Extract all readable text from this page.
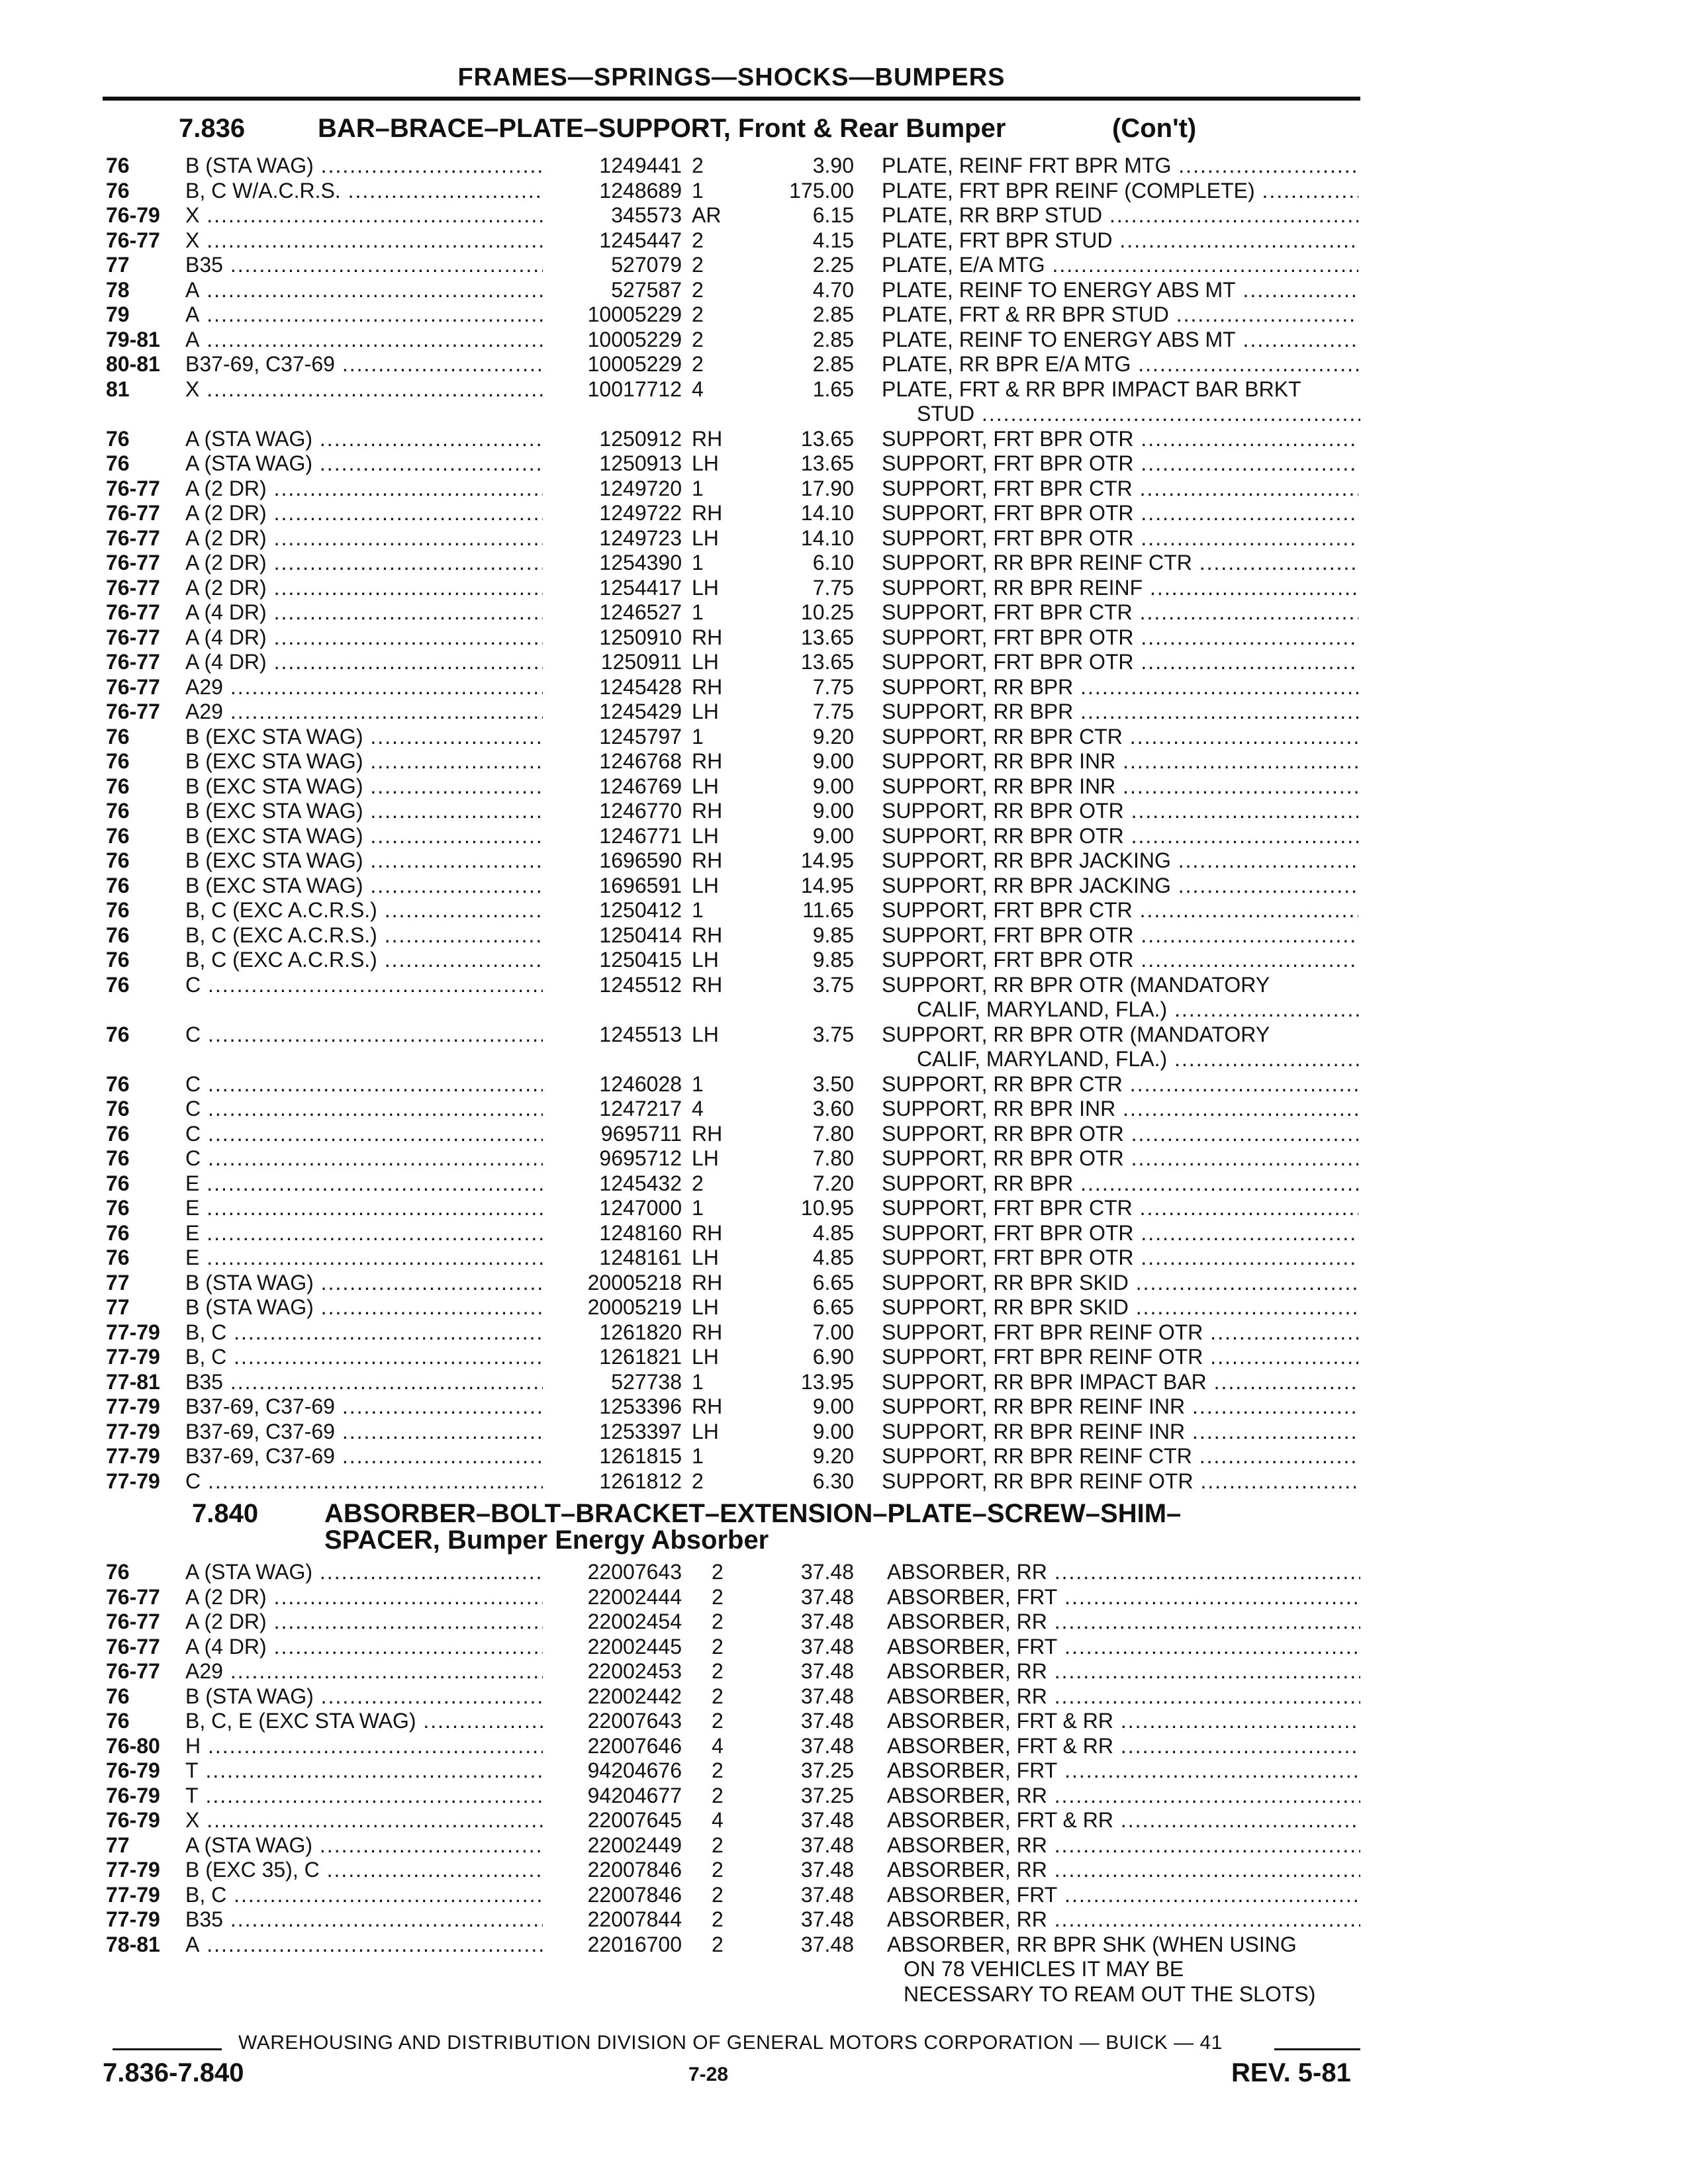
FRAMES—SPRINGS—SHOCKS—BUMPERS
7.836	BAR–BRACE–PLATE–SUPPORT, Front & Rear Bumper	(Con't)
76	B (STA WAG) .....	1249441 2	3.90 PLATE, REINF FRT BPR MTG .....
76	B, C W/A.C.R.S. .....	1248689 1	175.00 PLATE, FRT BPR REINF (COMPLETE) .....
76-79 X .....	345573 AR	6.15 PLATE, RR BRP STUD .....
76-77 X .....	1245447 2	4.15 PLATE, FRT BPR STUD .....
77	B35 .....	527079 2	2.25 PLATE, E/A MTG .....
78	A .....	527587 2	4.70 PLATE, REINF TO ENERGY ABS MT .....
79	A .....	10005229 2	2.85 PLATE, FRT & RR BPR STUD .....
79-81 A .....	10005229 2	2.85 PLATE, REINF TO ENERGY ABS MT .....
80-81 B37-69, C37-69 .....	10005229 2	2.85 PLATE, RR BPR E/A MTG .....
81	X .....	10017712 4	1.65 PLATE, FRT & RR BPR IMPACT BAR BRKT
STUD .....
76	A (STA WAG) .....	1250912 RH	13.65 SUPPORT, FRT BPR OTR .....
76	A (STA WAG) .....	1250913 LH	13.65 SUPPORT, FRT BPR OTR .....
76-77 A (2 DR) .....	1249720 1	17.90 SUPPORT, FRT BPR CTR .....
76-77 A (2 DR) .....	1249722 RH	14.10 SUPPORT, FRT BPR OTR .....
76-77 A (2 DR) .....	1249723 LH	14.10 SUPPORT, FRT BPR OTR .....
76-77 A (2 DR) .....	1254390 1	6.10 SUPPORT, RR BPR REINF CTR .....
76-77 A (2 DR) .....	1254417 LH	7.75 SUPPORT, RR BPR REINF .....
76-77 A (4 DR) .....	1246527 1	10.25 SUPPORT, FRT BPR CTR .....
76-77 A (4 DR) .....	1250910 RH	13.65 SUPPORT, FRT BPR OTR .....
76-77 A (4 DR) .....	1250911 LH	13.65 SUPPORT, FRT BPR OTR .....
76-77 A29 .....	1245428 RH	7.75 SUPPORT, RR BPR .....
76-77 A29 .....	1245429 LH	7.75 SUPPORT, RR BPR .....
76	B (EXC STA WAG) .....	1245797 1	9.20 SUPPORT, RR BPR CTR .....
76	B (EXC STA WAG) .....	1246768 RH	9.00 SUPPORT, RR BPR INR .....
76	B (EXC STA WAG) .....	1246769 LH	9.00 SUPPORT, RR BPR INR .....
76	B (EXC STA WAG) .....	1246770 RH	9.00 SUPPORT, RR BPR OTR .....
76	B (EXC STA WAG) .....	1246771 LH	9.00 SUPPORT, RR BPR OTR .....
76	B (EXC STA WAG) .....	1696590 RH	14.95 SUPPORT, RR BPR JACKING .....
76	B (EXC STA WAG) .....	1696591 LH	14.95 SUPPORT, RR BPR JACKING .....
76	B, C (EXC A.C.R.S.) .....	1250412 1	11.65 SUPPORT, FRT BPR CTR .....
76	B, C (EXC A.C.R.S.) .....	1250414 RH	9.85 SUPPORT, FRT BPR OTR .....
76	B, C (EXC A.C.R.S.) .....	1250415 LH	9.85 SUPPORT, FRT BPR OTR .....
76	C .....	1245512 RH	3.75 SUPPORT, RR BPR OTR (MANDATORY
CALIF, MARYLAND, FLA.) .....
76	C .....	1245513 LH	3.75 SUPPORT, RR BPR OTR (MANDATORY
CALIF, MARYLAND, FLA.) .....
76	C .....	1246028 1	3.50 SUPPORT, RR BPR CTR .....
76	C .....	1247217 4	3.60 SUPPORT, RR BPR INR .....
76	C .....	9695711 RH	7.80 SUPPORT, RR BPR OTR .....
76	C .....	9695712 LH	7.80 SUPPORT, RR BPR OTR .....
76	E .....	1245432 2	7.20 SUPPORT, RR BPR .....
76	E .....	1247000 1	10.95 SUPPORT, FRT BPR CTR .....
76	E .....	1248160 RH	4.85 SUPPORT, FRT BPR OTR .....
76	E .....	1248161 LH	4.85 SUPPORT, FRT BPR OTR .....
77	B (STA WAG) .....	20005218 RH	6.65 SUPPORT, RR BPR SKID .....
77	B (STA WAG) .....	20005219 LH	6.65 SUPPORT, RR BPR SKID .....
77-79 B, C .....	1261820 RH	7.00 SUPPORT, FRT BPR REINF OTR .....
77-79 B, C .....	1261821 LH	6.90 SUPPORT, FRT BPR REINF OTR .....
77-81 B35 .....	527738 1	13.95 SUPPORT, RR BPR IMPACT BAR .....
77-79 B37-69, C37-69 .....	1253396 RH	9.00 SUPPORT, RR BPR REINF INR .....
77-79 B37-69, C37-69 .....	1253397 LH	9.00 SUPPORT, RR BPR REINF INR .....
77-79 B37-69, C37-69 .....	1261815 1	9.20 SUPPORT, RR BPR REINF CTR .....
77-79 C .....	1261812 2	6.30 SUPPORT, RR BPR REINF OTR .....
7.840 ABSORBER–BOLT–BRACKET–EXTENSION–PLATE–SCREW–SHIM–
SPACER, Bumper Energy Absorber
76	A (STA WAG) .....	22007643 2	37.48 ABSORBER, RR .....
76-77 A (2 DR) .....	22002444 2	37.48 ABSORBER, FRT .....
76-77 A (2 DR) .....	22002454 2	37.48 ABSORBER, RR .....
76-77 A (4 DR) .....	22002445 2	37.48 ABSORBER, FRT .....
76-77 A29 .....	22002453 2	37.48 ABSORBER, RR .....
76	B (STA WAG) .....	22002442 2	37.48 ABSORBER, RR .....
76	B, C, E (EXC STA WAG) .....	22007643 2	37.48 ABSORBER, FRT & RR .....
76-80 H .....	22007646 4	37.48 ABSORBER, FRT & RR .....
76-79 T .....	94204676 2	37.25 ABSORBER, FRT .....
76-79 T .....	94204677 2	37.25 ABSORBER, RR .....
76-79 X .....	22007645 4	37.48 ABSORBER, FRT & RR .....
77	A (STA WAG) .....	22002449 2	37.48 ABSORBER, RR .....
77-79 B (EXC 35), C .....	22007846 2	37.48 ABSORBER, RR .....
77-79 B, C .....	22007846 2	37.48 ABSORBER, FRT .....
77-79 B35 .....	22007844 2	37.48 ABSORBER, RR .....
78-81 A .....	22016700 2	37.48 ABSORBER, RR BPR SHK (WHEN USING
ON 78 VEHICLES IT MAY BE
NECESSARY TO REAM OUT THE SLOTS)
WAREHOUSING AND DISTRIBUTION DIVISION OF GENERAL MOTORS CORPORATION — BUICK — 41
7.836-7.840	7-28	REV. 5-81
